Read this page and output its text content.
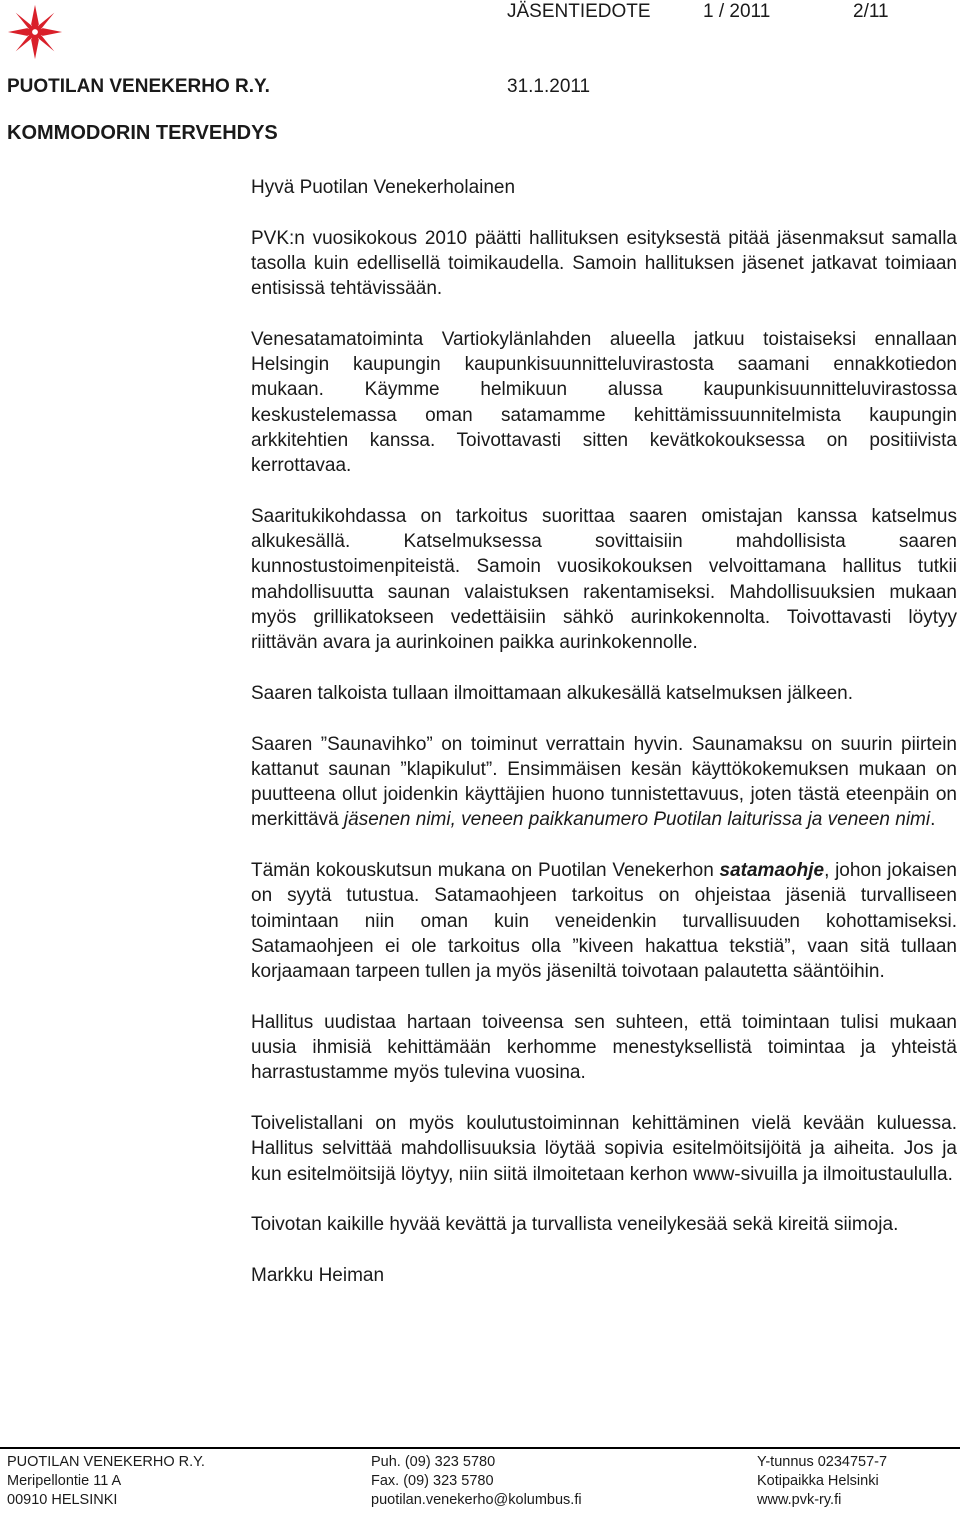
JÄSENTIEDOTE	1 / 2011	2/11
PUOTILAN VENEKERHO R.Y.	31.1.2011
KOMMODORIN TERVEHDYS

Hyvä Puotilan Venekerholainen

PVK:n vuosikokous 2010 päätti hallituksen esityksestä pitää jäsenmaksut samalla tasolla kuin edellisellä toimikaudella. Samoin hallituksen jäsenet jatkavat toimiaan entisissä tehtävissään.

Venesatamatoiminta Vartiokylänlahden alueella jatkuu toistaiseksi ennallaan Helsingin kaupungin kaupunkisuunnitteluvirastosta saamani ennakkotiedon mukaan. Käymme helmikuun alussa kaupunkisuunnitteluvirastossa keskustelemassa oman satamamme kehittämissuunnitelmista kaupungin arkkitehtien kanssa. Toivottavasti sitten kevätkokouksessa on positiivista kerrottavaa.

Saaritukikohdassa on tarkoitus suorittaa saaren omistajan kanssa katselmus alkukesällä. Katselmuksessa sovittaisiin mahdollisista saaren kunnostustoimenpiteistä. Samoin vuosikokouksen velvoittamana hallitus tutkii mahdollisuutta saunan valaistuksen rakentamiseksi. Mahdollisuuksien mukaan myös grillikatokseen vedettäisiin sähkö aurinkokennolta. Toivottavasti löytyy riittävän avara ja aurinkoinen paikka aurinkokennolle.

Saaren talkoista tullaan ilmoittamaan alkukesällä katselmuksen jälkeen.

Saaren ”Saunavihko” on toiminut verrattain hyvin. Saunamaksu on suurin piirtein kattanut saunan ”klapikulut”. Ensimmäisen kesän käyttökokemuksen mukaan on puutteena ollut joidenkin käyttäjien huono tunnistettavuus, joten tästä eteenpäin on merkittävä jäsenen nimi, veneen paikkanumero Puotilan laiturissa ja veneen nimi.

Tämän kokouskutsun mukana on Puotilan Venekerhon satamaohje, johon jokaisen on syytä tutustua. Satamaohjeen tarkoitus on ohjeistaa jäseniä turvalliseen toimintaan niin oman kuin veneidenkin turvallisuuden kohottamiseksi. Satamaohjeen ei ole tarkoitus olla ”kiveen hakattua tekstiä”, vaan sitä tullaan korjaamaan tarpeen tullen ja myös jäseniltä toivotaan palautetta sääntöihin.

Hallitus uudistaa hartaan toiveensa sen suhteen, että toimintaan tulisi mukaan uusia ihmisiä kehittämään kerhomme menestyksellistä toimintaa ja yhteistä harrastustamme myös tulevina vuosina.

Toivelistallani on myös koulutustoiminnan kehittäminen vielä kevään kuluessa. Hallitus selvittää mahdollisuuksia löytää sopivia esitelmöitsijöitä ja aiheita. Jos ja kun esitelmöitsijä löytyy, niin siitä ilmoitetaan kerhon www-sivuilla ja ilmoitustaululla.

Toivotan kaikille hyvää kevättä ja turvallista veneilykesää sekä kireitä siimoja.

Markku Heiman

PUOTILAN VENEKERHO R.Y.
Meripellontie 11 A
00910 HELSINKI
Puh. (09) 323 5780
Fax. (09) 323 5780
puotilan.venekerho@kolumbus.fi
Y-tunnus 0234757-7
Kotipaikka Helsinki
www.pvk-ry.fi
